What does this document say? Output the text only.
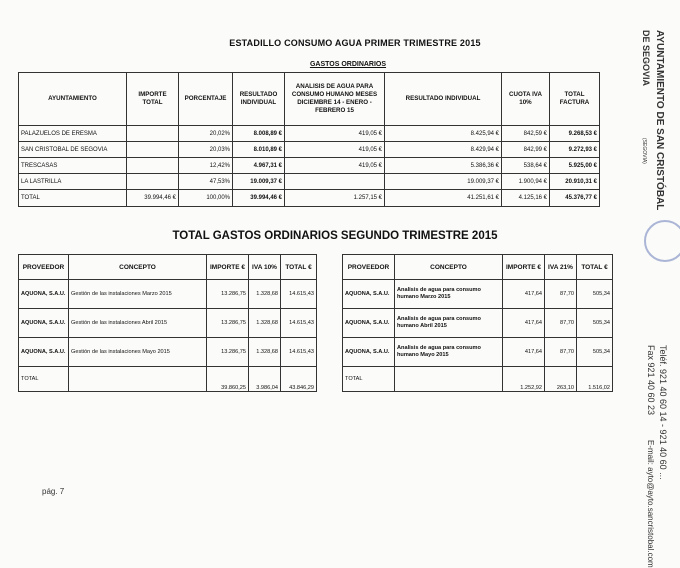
ESTADILLO CONSUMO AGUA PRIMER TRIMESTRE 2015
GASTOS ORDINARIOS
AYUNTAMIENTO	IMPORTE TOTAL	PORCENTAJE	RESULTADO INDIVIDUAL	ANALISIS DE AGUA PARA CONSUMO HUMANO MESES DICIEMBRE 14 - ENERO - FEBRERO 15	RESULTADO INDIVIDUAL	CUOTA IVA 10%	TOTAL FACTURA
PALAZUELOS DE ERESMA		20,02%	8.008,89 €	419,05 €	8.425,94 €	842,59 €	9.268,53 €
SAN CRISTOBAL DE SEGOVIA		20,03%	8.010,89 €	419,05 €	8.429,94 €	842,99 €	9.272,93 €
TRESCASAS		12,42%	4.967,31 €	419,05 €	5.386,36 €	538,64 €	5.925,00 €
LA LASTRILLA		47,53%	19.009,37 €		19.009,37 €	1.900,94 €	20.910,31 €
TOTAL	39.994,46 €	100,00%	39.994,46 €	1.257,15 €	41.251,61 €	4.125,16 €	45.376,77 €
TOTAL GASTOS ORDINARIOS SEGUNDO TRIMESTRE 2015
PROVEEDOR	CONCEPTO	IMPORTE €	IVA 10%	TOTAL €
AQUONA, S.A.U.	Gestión de las instalaciones Marzo 2015	13.286,75	1.328,68	14.615,43
AQUONA, S.A.U.	Gestión de las instalaciones Abril 2015	13.286,75	1.328,68	14.615,43
AQUONA, S.A.U.	Gestión de las instalaciones Mayo 2015	13.286,75	1.328,68	14.615,43
TOTAL		39.860,25	3.986,04	43.846,29
PROVEEDOR	CONCEPTO	IMPORTE €	IVA 21%	TOTAL €
AQUONA, S.A.U.	Analisis de agua para consumo humano Marzo 2015	417,64	87,70	505,34
AQUONA, S.A.U.	Analisis de agua para consumo humano Abril 2015	417,64	87,70	505,34
AQUONA, S.A.U.	Analisis de agua para consumo humano Mayo 2015	417,64	87,70	505,34
TOTAL		1.252,92	263,10	1.516,02
AYUNTAMIENTO DE SAN CRISTÓBAL
DE SEGOVIA
(SEGOVIA)
Teléf. 921 40 60 14 - 921 40 60 ...
Fax 921 40 60 23
E-mail: ayto@ayto.sancristobal.com
pág. 7
